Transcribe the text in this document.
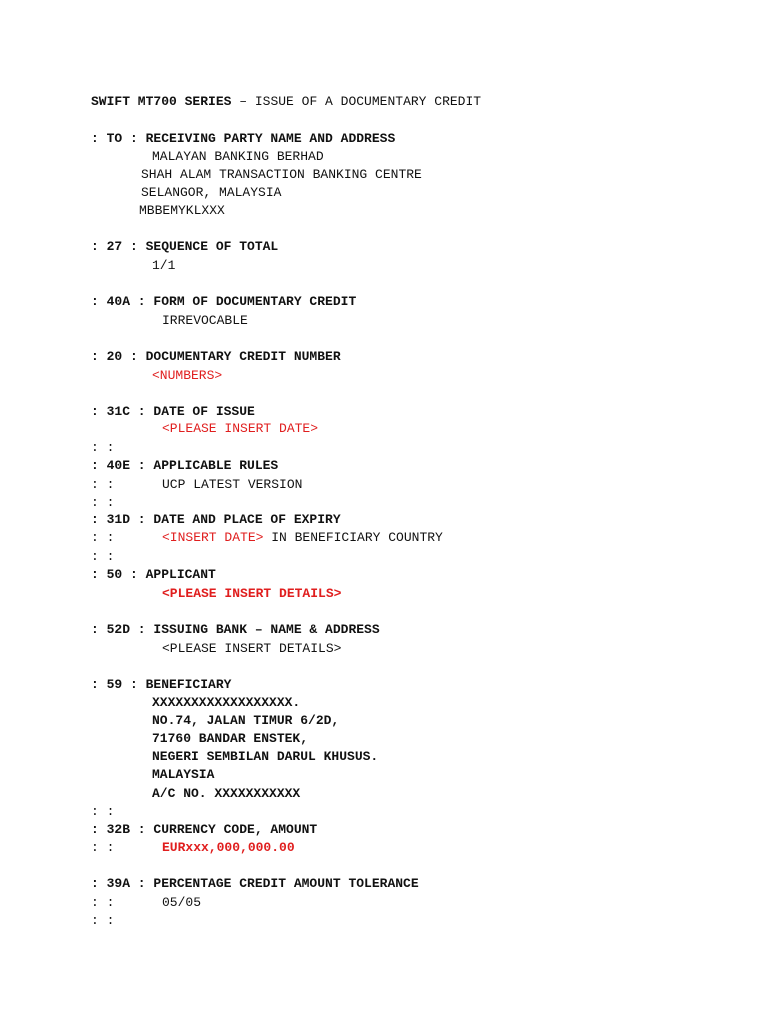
SWIFT MT700 SERIES – ISSUE OF A DOCUMENTARY CREDIT
: TO : RECEIVING PARTY NAME AND ADDRESS
MALAYAN BANKING BERHAD
SHAH ALAM TRANSACTION BANKING CENTRE
SELANGOR, MALAYSIA
MBBEMYKLXXX
: 27 : SEQUENCE OF TOTAL
1/1
: 40A : FORM OF DOCUMENTARY CREDIT
IRREVOCABLE
: 20 : DOCUMENTARY CREDIT NUMBER
<NUMBERS>
: 31C : DATE OF ISSUE
<PLEASE INSERT DATE>
: :
: 40E : APPLICABLE RULES
: :	UCP LATEST VERSION
: :
: 31D : DATE AND PLACE OF EXPIRY
: :	<INSERT DATE> IN BENEFICIARY COUNTRY
: :
: 50 : APPLICANT
<PLEASE INSERT DETAILS>
: 52D : ISSUING BANK – NAME & ADDRESS
<PLEASE INSERT DETAILS>
: 59 : BENEFICIARY
XXXXXXXXXXXXXXXXXX.
NO.74, JALAN TIMUR 6/2D,
71760 BANDAR ENSTEK,
NEGERI SEMBILAN DARUL KHUSUS.
MALAYSIA
A/C NO. XXXXXXXXXXX
: :
: 32B : CURRENCY CODE, AMOUNT
: :	EURxxx,000,000.00
: 39A : PERCENTAGE CREDIT AMOUNT TOLERANCE
: :	05/05
: :
